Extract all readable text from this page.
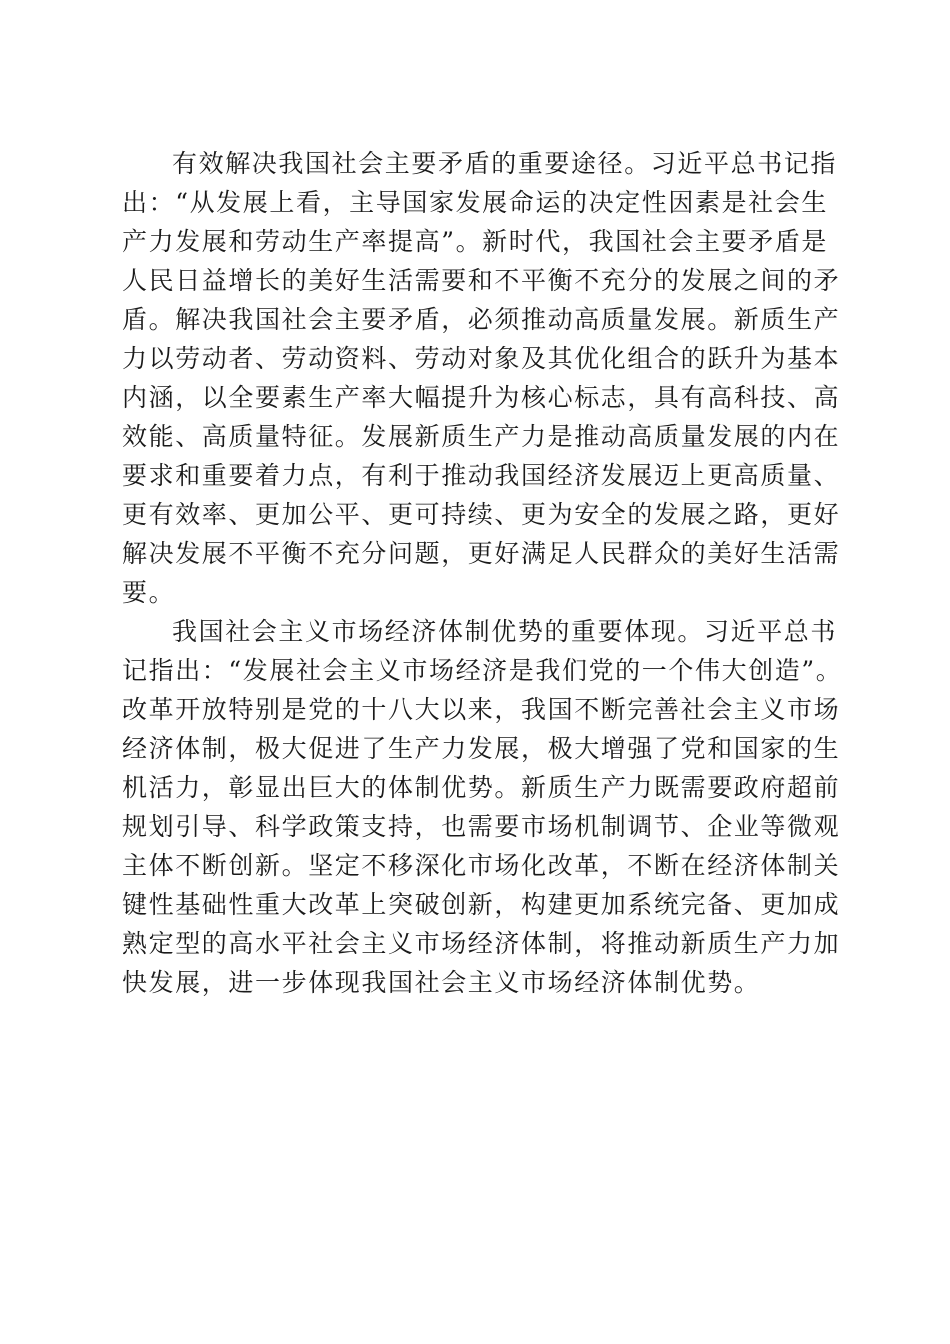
有效解决我国社会主要矛盾的重要途径。习近平总书记指
出：“从发展上看，主导国家发展命运的决定性因素是社会生
产力发展和劳动生产率提高”。新时代，我国社会主要矛盾是
人民日益增长的美好生活需要和不平衡不充分的发展之间的矛
盾。解决我国社会主要矛盾，必须推动高质量发展。新质生产
力以劳动者、劳动资料、劳动对象及其优化组合的跃升为基本
内涵，以全要素生产率大幅提升为核心标志，具有高科技、高
效能、高质量特征。发展新质生产力是推动高质量发展的内在
要求和重要着力点，有利于推动我国经济发展迈上更高质量、
更有效率、更加公平、更可持续、更为安全的发展之路，更好
解决发展不平衡不充分问题，更好满足人民群众的美好生活需
要。
我国社会主义市场经济体制优势的重要体现。习近平总书
记指出：“发展社会主义市场经济是我们党的一个伟大创造”。
改革开放特别是党的十八大以来，我国不断完善社会主义市场
经济体制，极大促进了生产力发展，极大增强了党和国家的生
机活力，彰显出巨大的体制优势。新质生产力既需要政府超前
规划引导、科学政策支持，也需要市场机制调节、企业等微观
主体不断创新。坚定不移深化市场化改革，不断在经济体制关
键性基础性重大改革上突破创新，构建更加系统完备、更加成
熟定型的高水平社会主义市场经济体制，将推动新质生产力加
快发展，进一步体现我国社会主义市场经济体制优势。
